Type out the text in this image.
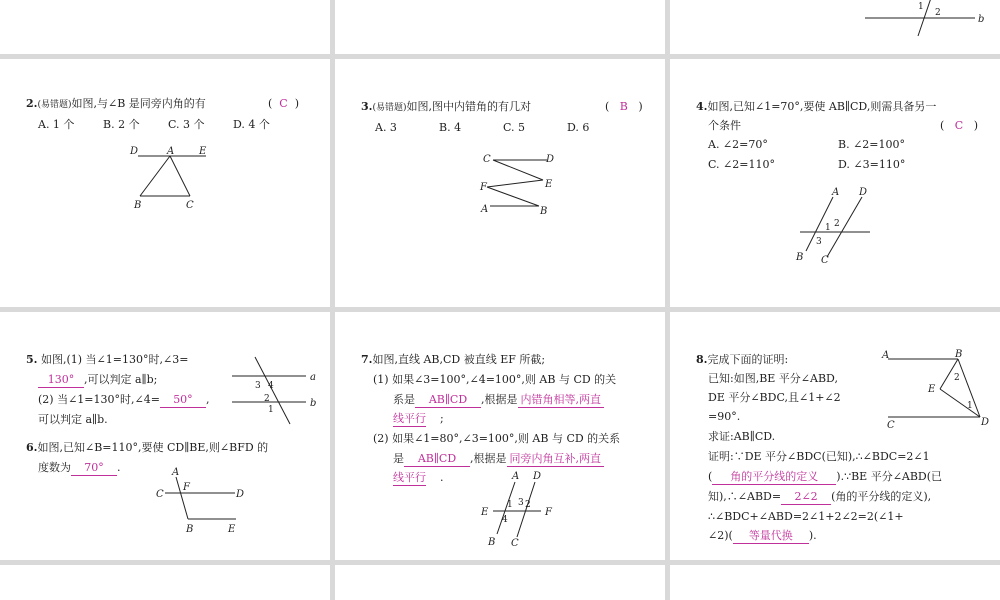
1
2
b
2.(易错题)如图,与∠B 是同旁内角的有	( C )
A. 1 个	B. 2 个	C. 3 个	D. 4 个
D	A E
B	C
3.(易错题)如图,图中内错角的有几对	( B )
A. 3	B. 4	C. 5	D. 6
C	D
F	E
A	B
4.如图,已知∠1=70°,要使 AB∥CD,则需具备另一
个条件	( C )
A. ∠2=70°	B. ∠2=100°
C. ∠2=110°	D. ∠3=110°
A D
B C
1 2
3
5. 如图,(1) 当∠1=130°时,∠3=
130° ,可以判定 a∥b;
(2) 当∠1=130°时,∠4= 50° ,
可以判定 a∥b.
a
b
3 4
2
1
6.如图,已知∠B=110°,要使 CD∥BE,则∠BFD 的
度数为 70° .	A
F
C	D
B	E
7.如图,直线 AB,CD 被直线 EF 所截;
(1) 如果∠3=100°,∠4=100°,则 AB 与 CD 的关
系是 AB∥CD ,根据是 内错角相等,两直
线平行 ;
(2) 如果∠1=80°,∠3=100°,则 AB 与 CD 的关系
是 AB∥CD ,根据是 同旁内角互补,两直
线平行 .	A D
E	F
B C
1 3 2
4
8.完成下面的证明:
已知:如图,BE 平分∠ABD,
DE 平分∠BDC,且∠1+∠2
=90°.
求证:AB∥CD.
证明:∵DE 平分∠BDC(已知),∴∠BDC=2∠1
( 角的平分线的定义 ).∵BE 平分∠ABD(已
知),∴∠ABD= 2∠2 (角的平分线的定义),
∴∠BDC+∠ABD=2∠1+2∠2=2(∠1+
∠2)( 等量代换 ).
A	B
E
C	D
2
1
